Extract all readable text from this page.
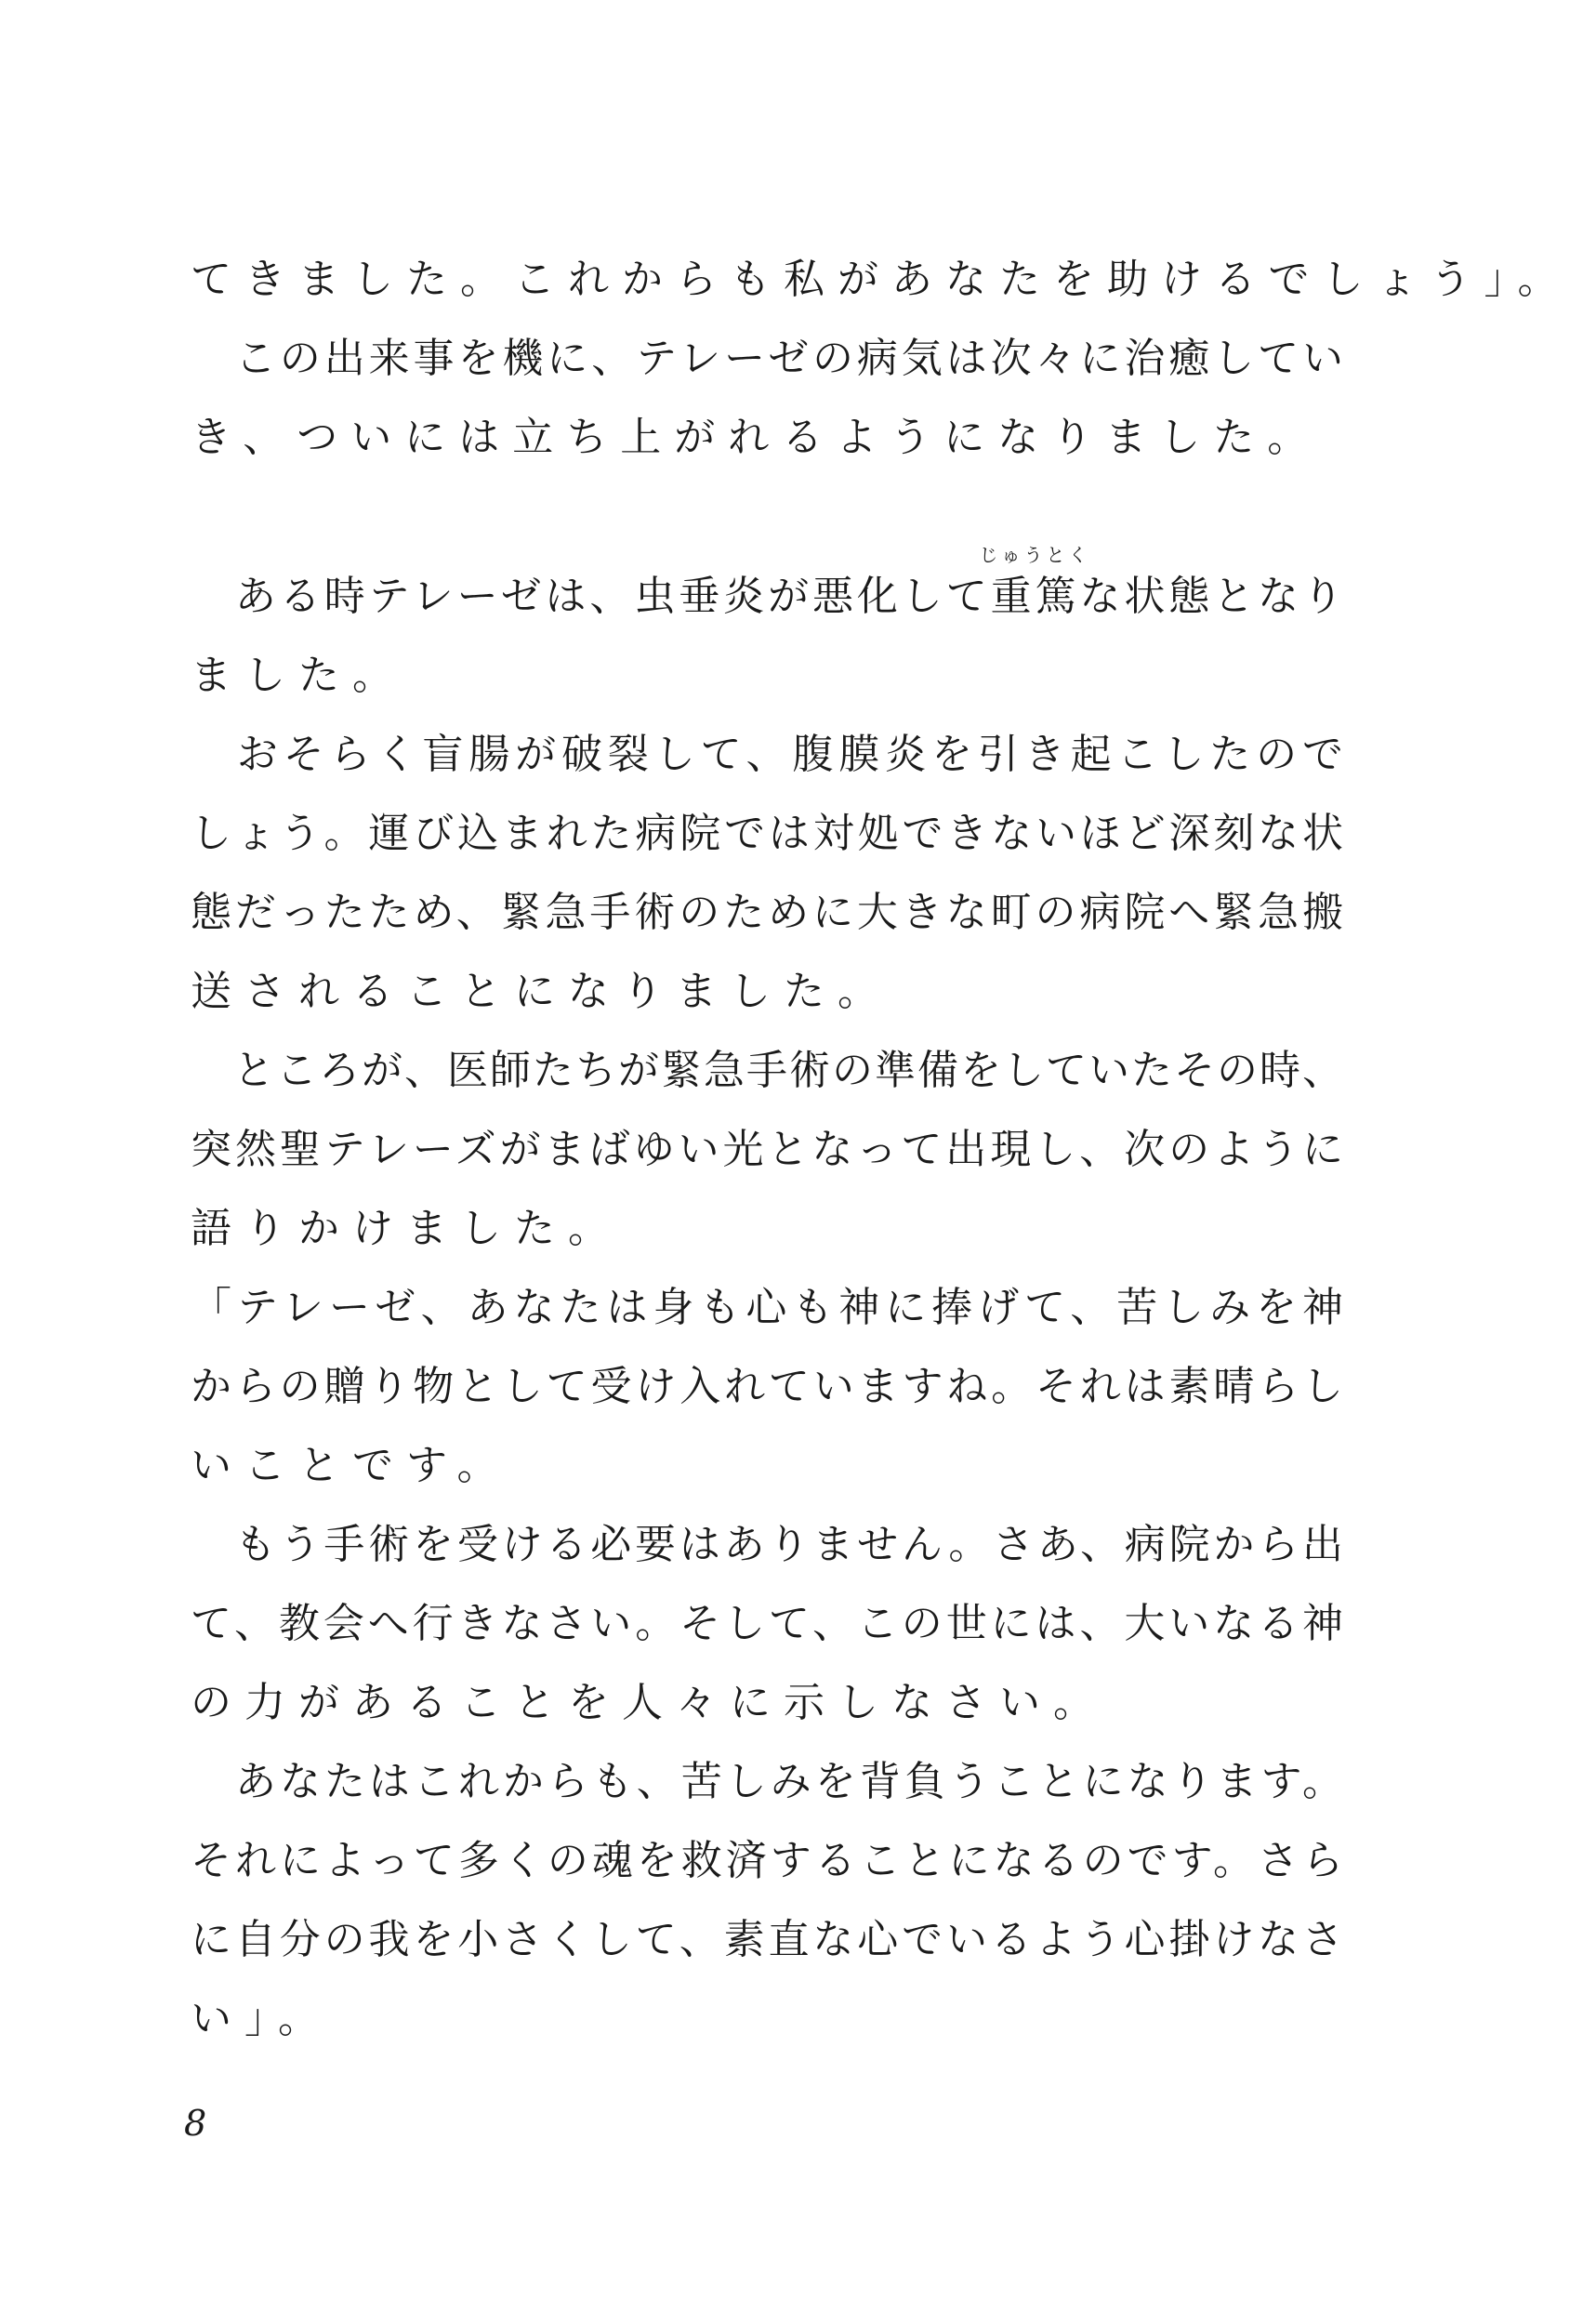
てきました。これからも私があなたを助けるでしょう」。
　この出来事を機に、テレーゼの病気は次々に治癒してい
き、ついには立ち上がれるようになりました。
　ある時テレーゼは、虫垂炎が悪化して重篤
じゅうとく
な状態となり
ました。
　おそらく盲腸が破裂して、腹膜炎を引き起こしたので
しょう。運び込まれた病院では対処できないほど深刻な状
態だったため、緊急手術のために大きな町の病院へ緊急搬
送されることになりました。
　ところが、医師たちが緊急手術の準備をしていたその時、
突然聖テレーズがまばゆい光となって出現し、次のように
語りかけました。
「テレーゼ、あなたは身も心も神に捧げて、苦しみを神
からの贈り物として受け入れていますね。それは素晴らし
いことです。
　もう手術を受ける必要はありません。さあ、病院から出
て、教会へ行きなさい。そして、この世には、大いなる神
の力があることを人々に示しなさい。
　あなたはこれからも、苦しみを背負うことになります。
それによって多くの魂を救済することになるのです。さら
に自分の我を小さくして、素直な心でいるよう心掛けなさ
い」。
8
